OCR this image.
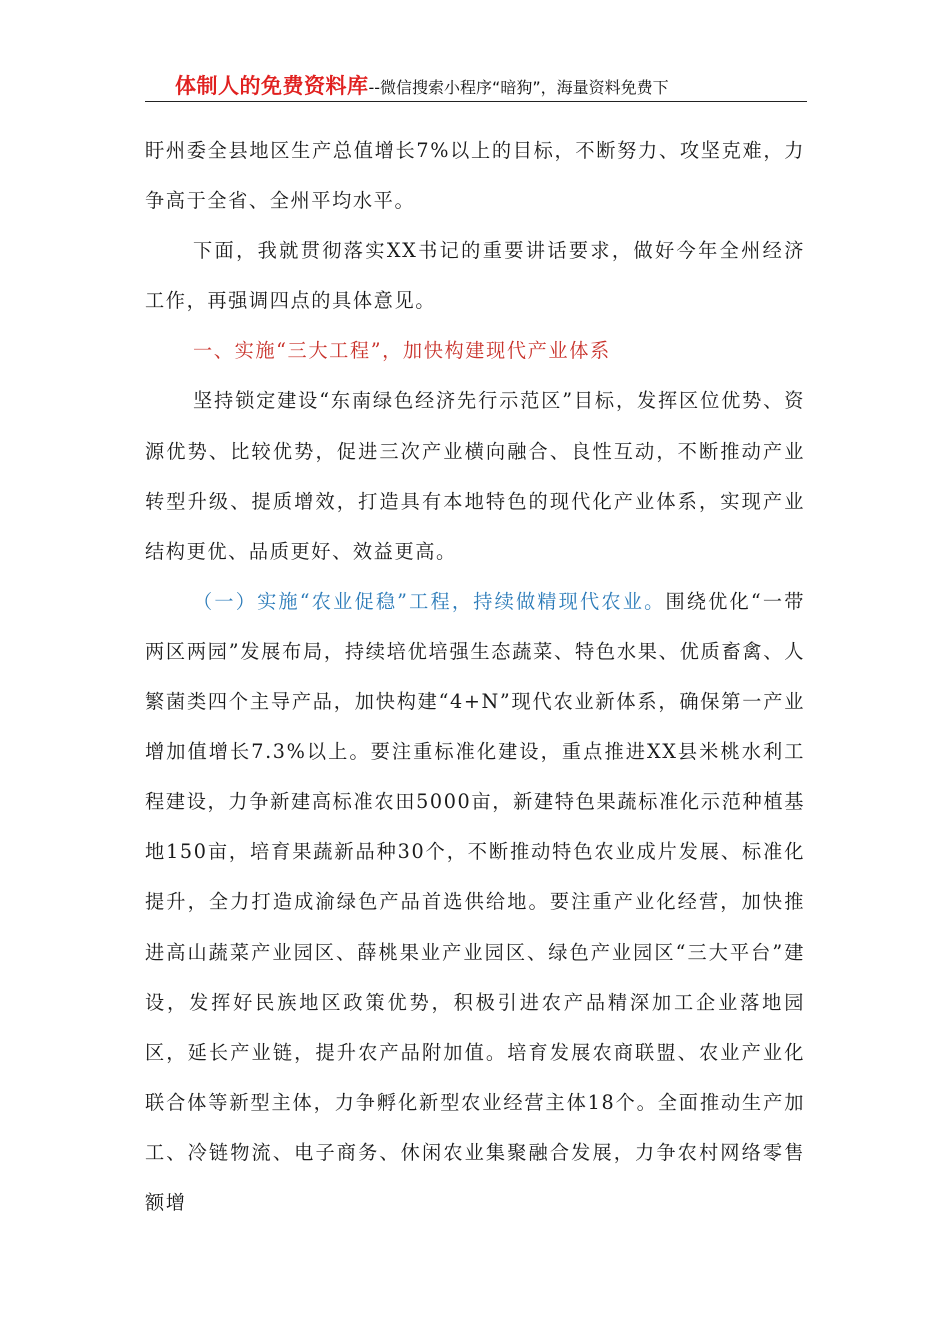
体制人的免费资料库--微信搜索小程序“暗狗”，海量资料免费下

盱州委全县地区生产总值增长7%以上的目标，不断努力、攻坚克难，力争高于全省、全州平均水平。

下面，我就贯彻落实XX书记的重要讲话要求，做好今年全州经济工作，再强调四点的具体意见。

一、实施“三大工程”，加快构建现代产业体系

坚持锁定建设“东南绿色经济先行示范区”目标，发挥区位优势、资源优势、比较优势，促进三次产业横向融合、良性互动，不断推动产业转型升级、提质增效，打造具有本地特色的现代化产业体系，实现产业结构更优、品质更好、效益更高。

（一）实施“农业促稳”工程，持续做精现代农业。围绕优化“一带两区两园”发展布局，持续培优培强生态蔬菜、特色水果、优质畜禽、人繁菌类四个主导产品，加快构建“4+N”现代农业新体系，确保第一产业增加值增长7.3%以上。要注重标准化建设，重点推进XX县米桃水利工程建设，力争新建高标准农田5000亩，新建特色果蔬标准化示范种植基地150亩，培育果蔬新品种30个，不断推动特色农业成片发展、标准化提升，全力打造成渝绿色产品首选供给地。要注重产业化经营，加快推进高山蔬菜产业园区、薛桃果业产业园区、绿色产业园区“三大平台”建设，发挥好民族地区政策优势，积极引进农产品精深加工企业落地园区，延长产业链，提升农产品附加值。培育发展农商联盟、农业产业化联合体等新型主体，力争孵化新型农业经营主体18个。全面推动生产加工、冷链物流、电子商务、休闲农业集聚融合发展，力争农村网络零售额增
